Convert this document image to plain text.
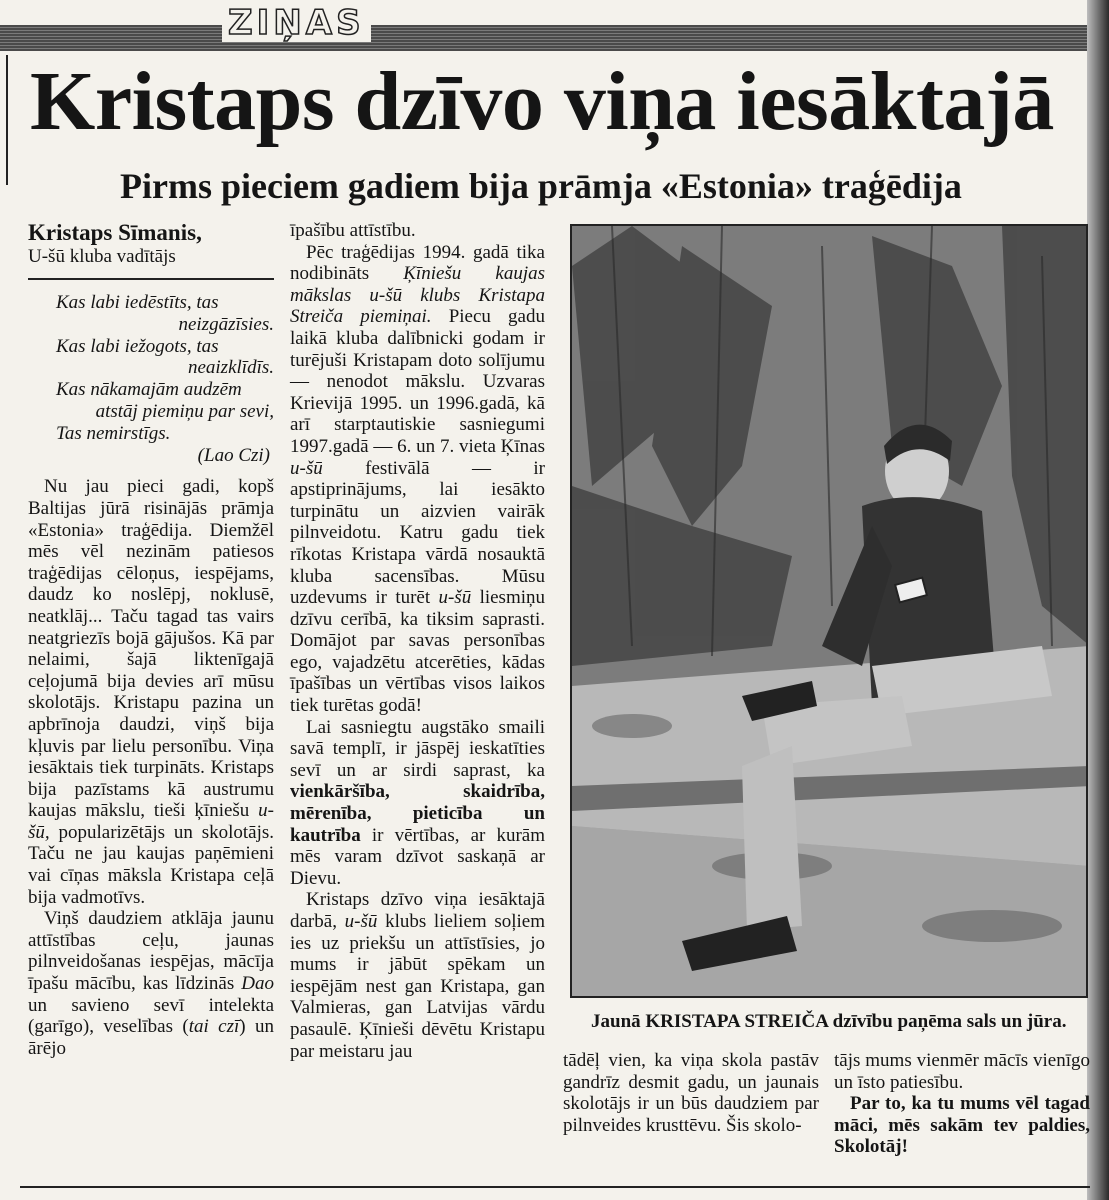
ZIŅAS
Kristaps dzīvo viņa iesāktajā
Pirms pieciem gadiem bija prāmja «Estonia» traģēdija
Kristaps Sīmanis,
U-šū kluba vadītājs
Kas labi iedēstīts, tas
neizgāzīsies.
Kas labi iežogots, tas
neaizklīdīs.
Kas nākamajām audzēm
atstāj piemiņu par sevi,
Tas nemirstīgs.
(Lao Czi)

Nu jau pieci gadi, kopš Baltijas jūrā risinājās prāmja «Estonia» traģēdija. Diemžēl mēs vēl nezinām patiesos traģēdijas cēloņus, iespējams, daudz ko noslēpj, noklusē, neatklāj... Taču tagad tas vairs neatgriezīs bojā gājušos. Kā par nelaimi, šajā liktenīgajā ceļojumā bija devies arī mūsu skolotājs. Kristapu pazina un apbrīnoja daudzi, viņš bija kļuvis par lielu personību. Viņa iesāktais tiek turpināts. Kristaps bija pazīstams kā austrumu kaujas mākslu, tieši ķīniešu u-šū, popularizētājs un skolotājs. Taču ne jau kaujas paņēmieni vai cīņas māksla Kristapa ceļā bija vadmotīvs.

Viņš daudziem atklāja jaunu attīstības ceļu, jaunas pilnveidošanas iespējas, mācīja īpašu mācību, kas līdzinās Dao un savieno sevī intelekta (garīgo), veselības (tai czī) un ārējo

īpašību attīstību.

Pēc traģēdijas 1994. gadā tika nodibināts Ķīniešu kaujas mākslas u-šū klubs Kristapa Streiča piemiņai. Piecu gadu laikā kluba dalībnicki godam ir turējuši Kristapam doto solījumu — nenodot mākslu. Uzvaras Krievijā 1995. un 1996.gadā, kā arī starptautiskie sasniegumi 1997.gadā — 6. un 7. vieta Ķīnas u-šū festivālā — ir apstiprinājums, lai iesākto turpinātu un aizvien vairāk pilnveidotu. Katru gadu tiek rīkotas Kristapa vārdā nosauktā kluba sacensības. Mūsu uzdevums ir turēt u-šū liesmiņu dzīvu cerībā, ka tiksim saprasti. Domājot par savas personības ego, vajadzētu atcerēties, kādas īpašības un vērtības visos laikos tiek turētas godā!

Lai sasniegtu augstāko smaili savā templī, ir jāspēj ieskatīties sevī un ar sirdi saprast, ka vienkāršība, skaidrība, mērenība, pieticība un kautrība ir vērtības, ar kurām mēs varam dzīvot saskaņā ar Dievu.

Kristaps dzīvo viņa iesāktajā darbā, u-šū klubs lieliem soļiem ies uz priekšu un attīstīsies, jo mums ir jābūt spēkam un iespējām nest gan Kristapa, gan Valmieras, gan Latvijas vārdu pasaulē. Ķīnieši dēvētu Kristapu par meistaru jau

Jaunā KRISTAPA STREIČA dzīvību paņēma sals un jūra.

tādēļ vien, ka viņa skola pastāv gandrīz desmit gadu, un jaunais skolotājs ir un būs daudziem par pilnveides krusttēvu. Šis skolo-

tājs mums vienmēr mācīs vienīgo un īsto patiesību.

Par to, ka tu mums vēl tagad māci, mēs sakām tev paldies, Skolotāj!
